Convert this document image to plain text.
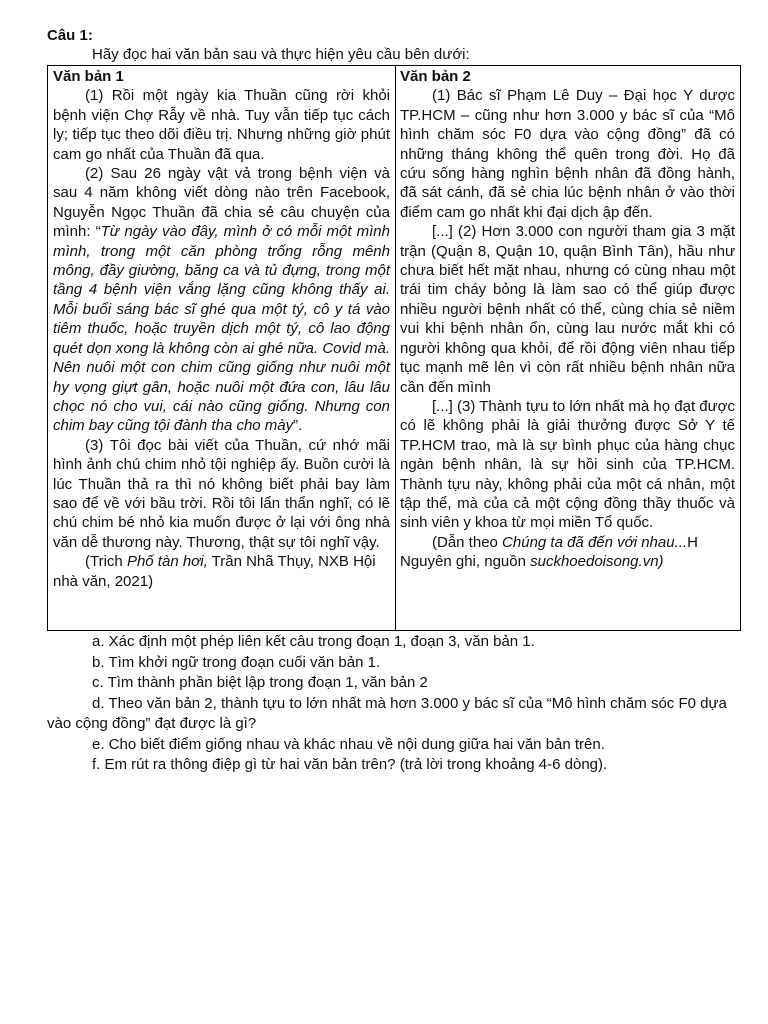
Câu 1:
Hãy đọc hai văn bản sau và thực hiện yêu cầu bên dưới:
Văn bản 1

(1) Rồi một ngày kia Thuần cũng rời khỏi bệnh viện Chợ Rẫy về nhà. Tuy vẫn tiếp tục cách ly; tiếp tục theo dõi điều trị. Nhưng những giờ phút cam go nhất của Thuần đã qua.

(2) Sau 26 ngày vật vả trong bệnh viện và sau 4 năm không viết dòng nào trên Facebook, Nguyễn Ngọc Thuần đã chia sẻ câu chuyện của mình: “Từ ngày vào đây, mình ở có mỗi một mình mình, trong một căn phòng trống rỗng mênh mông, đầy giường, băng ca và tủ đựng, trong một tầng 4 bệnh viện vắng lặng cũng không thấy ai. Mỗi buổi sáng bác sĩ ghé qua một tý, cô y tá vào tiêm thuốc, hoặc truyền dịch một tý, cô lao động quét dọn xong là không còn ai ghé nữa. Covid mà. Nên nuôi một con chim cũng giống như nuôi một hy vọng giựt gân, hoặc nuôi một đứa con, lâu lâu chọc nó cho vui, cái nào cũng giống. Nhưng con chim bay cũng tội đành tha cho mày”.

(3) Tôi đọc bài viết của Thuần, cứ nhớ mãi hình ảnh chú chim nhỏ tội nghiệp ấy. Buồn cười là lúc Thuần thả ra thì nó không biết phải bay làm sao để về với bầu trời. Rồi tôi lẩn thẩn nghĩ, có lẽ chú chim bé nhỏ kia muốn được ở lại với ông nhà văn dễ thương này. Thương, thật sự tôi nghĩ vậy.

(Trich Phố tàn hơi, Trần Nhã Thụy, NXB Hội nhà văn, 2021)

Văn bản 2

(1) Bác sĩ Phạm Lê Duy – Đại học Y dược TP.HCM – cũng như hơn 3.000 y bác sĩ của “Mô hình chăm sóc F0 dựa vào cộng đồng” đã có những tháng không thể quên trong đời. Họ đã cứu sống hàng nghìn bệnh nhân đã đồng hành, đã sát cánh, đã sẻ chia lúc bệnh nhân ở vào thời điểm cam go nhất khi đại dịch ập đến.

[...] (2) Hơn 3.000 con người tham gia 3 mặt trận (Quận 8, Quận 10, quận Bình Tân), hầu như chưa biết hết mặt nhau, nhưng có cùng nhau một trái tim cháy bỏng là làm sao có thể giúp được nhiều người bệnh nhất có thể, cùng chia sẻ niềm vui khi bệnh nhân ổn, cùng lau nước mắt khi có người không qua khỏi, để rồi động viên nhau tiếp tục mạnh mẽ lên vì còn rất nhiều bệnh nhân nữa cần đến mình

[...] (3) Thành tựu to lớn nhất mà họ đạt được có lẽ không phải là giải thưởng được Sở Y tế TP.HCM trao, mà là sự bình phục của hàng chục ngàn bệnh nhân, là sự hồi sinh của TP.HCM. Thành tựu này, không phải của một cá nhân, một tập thể, mà của cả một cộng đồng thầy thuốc và sinh viên y khoa từ mọi miền Tổ quốc.

(Dẫn theo Chúng ta đã đến với nhau...H Nguyên ghi, nguồn suckhoedoisong.vn)

a. Xác định một phép liên kết câu trong đoạn 1, đoạn 3, văn bản 1.

b. Tìm khởi ngữ trong đoạn cuối văn bản 1.

c. Tìm thành phần biệt lập trong đoạn 1, văn bản 2

d. Theo văn bản 2, thành tựu to lớn nhất mà hơn 3.000 y bác sĩ của “Mô hình chăm sóc F0 dựa vào cộng đồng” đạt được là gì?

e. Cho biết điểm giống nhau và khác nhau về nội dung giữa hai văn bản trên.

f. Em rút ra thông điệp gì từ hai văn bản trên? (trả lời trong khoảng 4-6 dòng).
